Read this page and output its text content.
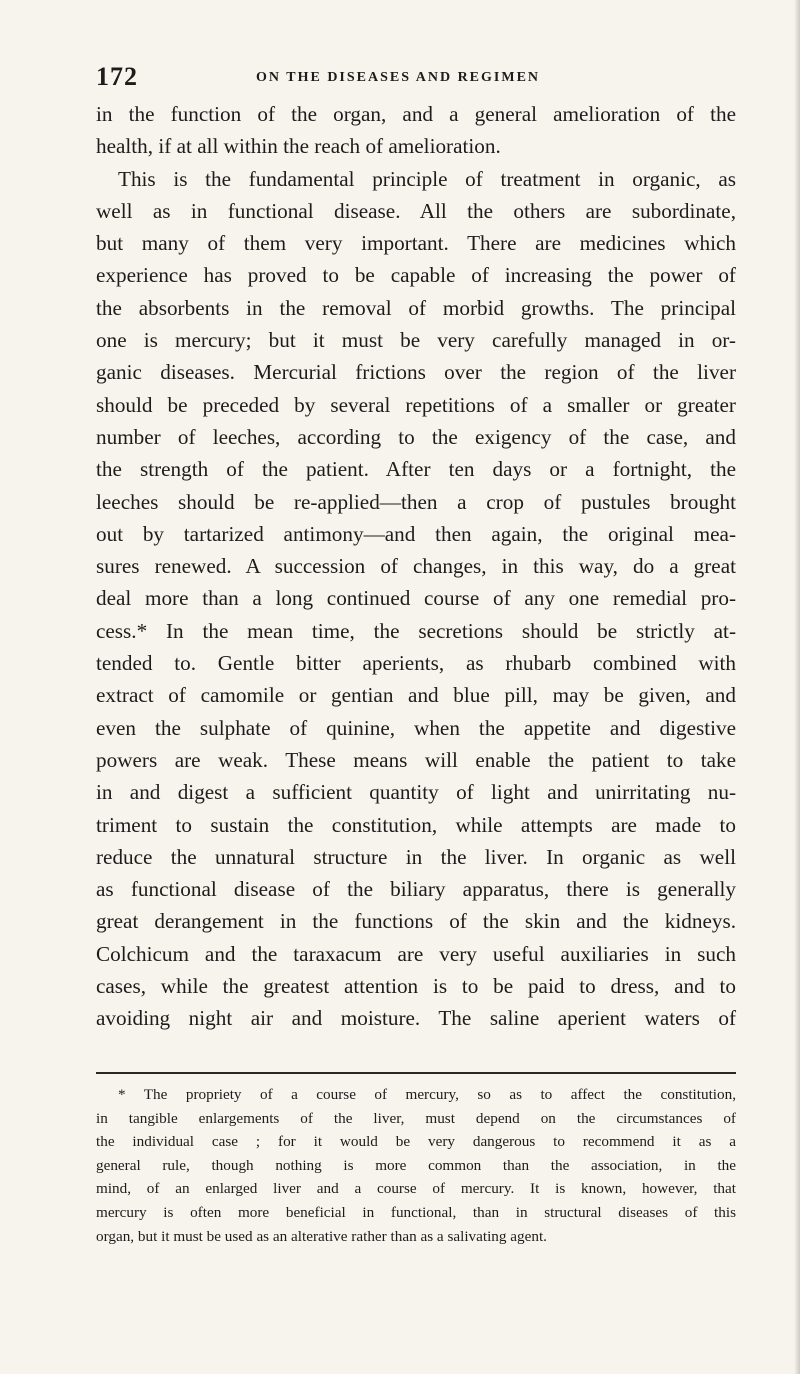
172	ON THE DISEASES AND REGIMEN
in the function of the organ, and a general amelioration of the
health, if at all within the reach of amelioration.
This is the fundamental principle of treatment in organic, as
well as in functional disease. All the others are subordinate,
but many of them very important. There are medicines which
experience has proved to be capable of increasing the power of
the absorbents in the removal of morbid growths. The principal
one is mercury; but it must be very carefully managed in or-
ganic diseases. Mercurial frictions over the region of the liver
should be preceded by several repetitions of a smaller or greater
number of leeches, according to the exigency of the case, and
the strength of the patient. After ten days or a fortnight, the
leeches should be re-applied—then a crop of pustules brought
out by tartarized antimony—and then again, the original mea-
sures renewed. A succession of changes, in this way, do a great
deal more than a long continued course of any one remedial pro-
cess.* In the mean time, the secretions should be strictly at-
tended to. Gentle bitter aperients, as rhubarb combined with
extract of camomile or gentian and blue pill, may be given, and
even the sulphate of quinine, when the appetite and digestive
powers are weak. These means will enable the patient to take
in and digest a sufficient quantity of light and unirritating nu-
triment to sustain the constitution, while attempts are made to
reduce the unnatural structure in the liver. In organic as well
as functional disease of the biliary apparatus, there is generally
great derangement in the functions of the skin and the kidneys.
Colchicum and the taraxacum are very useful auxiliaries in such
cases, while the greatest attention is to be paid to dress, and to
avoiding night air and moisture. The saline aperient waters of
* The propriety of a course of mercury, so as to affect the constitution,
in tangible enlargements of the liver, must depend on the circumstances of
the individual case ; for it would be very dangerous to recommend it as a
general rule, though nothing is more common than the association, in the
mind, of an enlarged liver and a course of mercury. It is known, however, that
mercury is often more beneficial in functional, than in structural diseases of this
organ, but it must be used as an alterative rather than as a salivating agent.
